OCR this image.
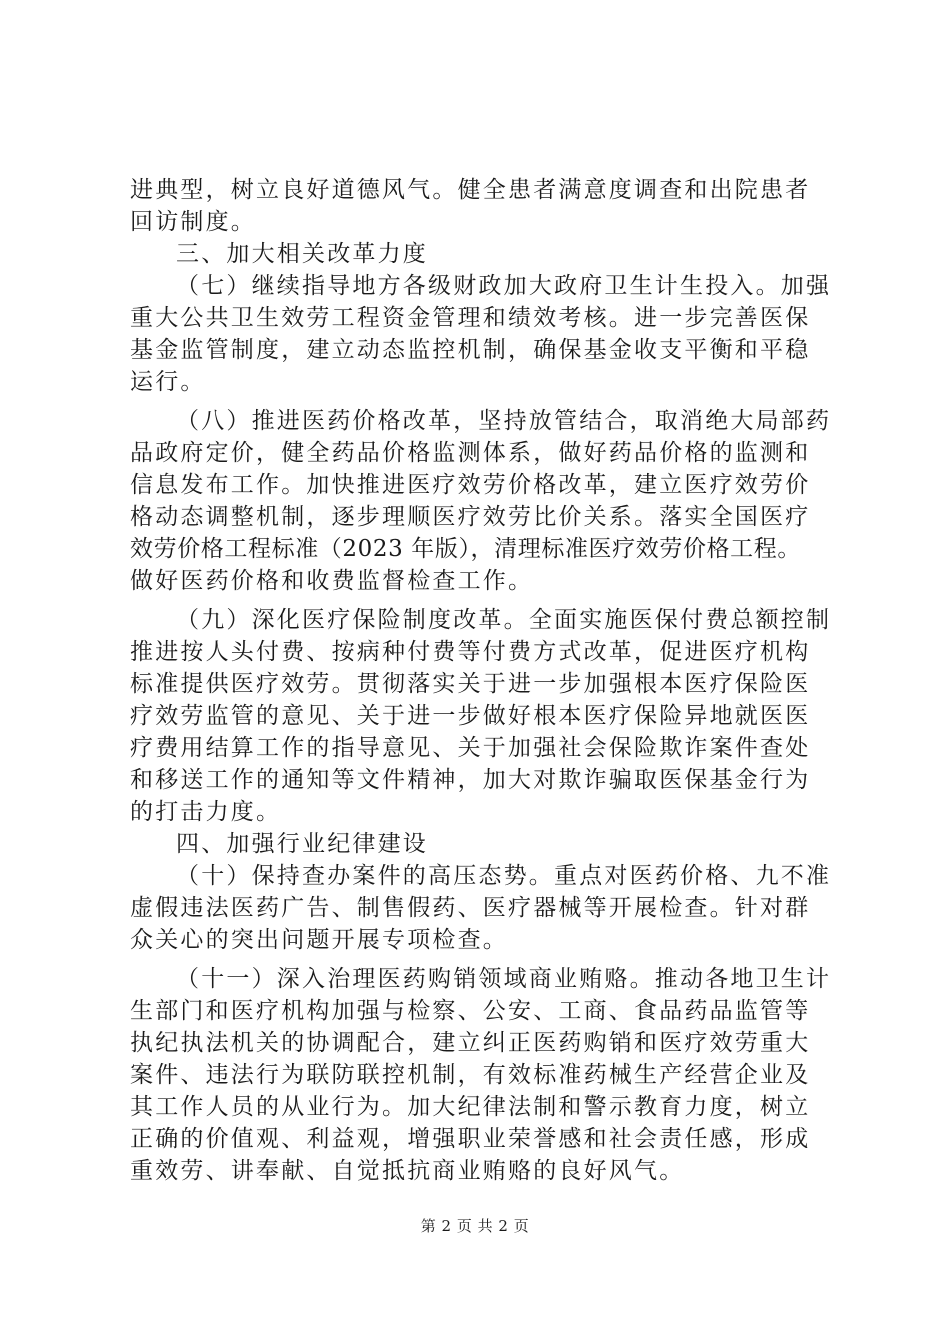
进典型，树立良好道德风气。健全患者满意度调查和出院患者
回访制度。
三、加大相关改革力度
（七）继续指导地方各级财政加大政府卫生计生投入。加强
重大公共卫生效劳工程资金管理和绩效考核。进一步完善医保
基金监管制度，建立动态监控机制，确保基金收支平衡和平稳
运行。
（八）推进医药价格改革，坚持放管结合，取消绝大局部药
品政府定价，健全药品价格监测体系，做好药品价格的监测和
信息发布工作。加快推进医疗效劳价格改革，建立医疗效劳价
格动态调整机制，逐步理顺医疗效劳比价关系。落实全国医疗
效劳价格工程标准（2023 年版），清理标准医疗效劳价格工程。
做好医药价格和收费监督检查工作。
（九）深化医疗保险制度改革。全面实施医保付费总额控制
推进按人头付费、按病种付费等付费方式改革，促进医疗机构
标准提供医疗效劳。贯彻落实关于进一步加强根本医疗保险医
疗效劳监管的意见、关于进一步做好根本医疗保险异地就医医
疗费用结算工作的指导意见、关于加强社会保险欺诈案件查处
和移送工作的通知等文件精神，加大对欺诈骗取医保基金行为
的打击力度。
四、加强行业纪律建设
（十）保持查办案件的高压态势。重点对医药价格、九不准
虚假违法医药广告、制售假药、医疗器械等开展检查。针对群
众关心的突出问题开展专项检查。
（十一）深入治理医药购销领域商业贿赂。推动各地卫生计
生部门和医疗机构加强与检察、公安、工商、食品药品监管等
执纪执法机关的协调配合，建立纠正医药购销和医疗效劳重大
案件、违法行为联防联控机制，有效标准药械生产经营企业及
其工作人员的从业行为。加大纪律法制和警示教育力度，树立
正确的价值观、利益观，增强职业荣誉感和社会责任感，形成
重效劳、讲奉献、自觉抵抗商业贿赂的良好风气。
第 2 页 共 2 页
